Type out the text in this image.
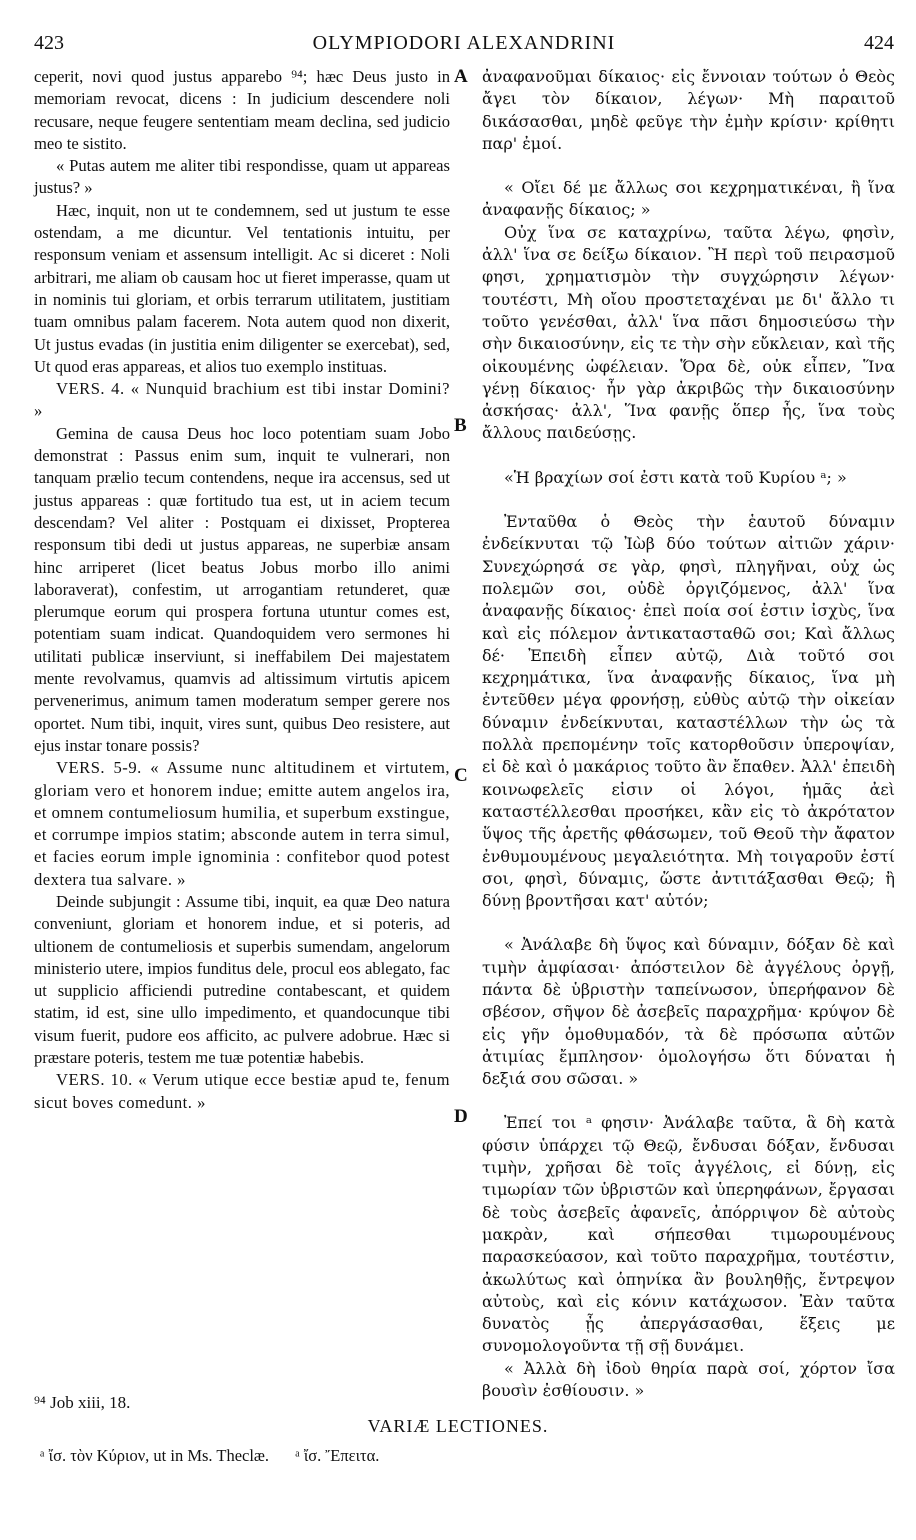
423	OLYMPIODORI ALEXANDRINI	424

ceperit, novi quod justus apparebo ⁹⁴; hæc Deus justo in memoriam revocat, dicens : In judicium descendere noli recusare, neque feugere sententiam meam declina, sed judicio meo te sistito.

« Putas autem me aliter tibi respondisse, quam ut appareas justus? »

Hæc, inquit, non ut te condemnem, sed ut justum te esse ostendam, a me dicuntur. Vel tentationis intuitu, per responsum veniam et assensum intelligit. Ac si diceret : Noli arbitrari, me aliam ob causam hoc ut fieret imperasse, quam ut in nominis tui gloriam, et orbis terrarum utilitatem, justitiam tuam omnibus palam facerem. Nota autem quod non dixerit, Ut justus evadas (in justitia enim diligenter se exercebat), sed, Ut quod eras appareas, et alios tuo exemplo instituas.

VERS. 4. « Nunquid brachium est tibi instar Domini? »

Gemina de causa Deus hoc loco potentiam suam Jobo demonstrat : Passus enim sum, inquit te vulnerari, non tanquam prælio tecum contendens, neque ira accensus, sed ut justus appareas : quæ fortitudo tua est, ut in aciem tecum descendam? Vel aliter : Postquam ei dixisset, Propterea responsum tibi dedi ut justus appareas, ne superbiæ ansam hinc arriperet (licet beatus Jobus morbo illo animi laboraverat), confestim, ut arrogantiam retunderet, quæ plerumque eorum qui prospera fortuna utuntur comes est, potentiam suam indicat. Quandoquidem vero sermones hi utilitati publicæ inserviunt, si ineffabilem Dei majestatem mente revolvamus, quamvis ad altissimum virtutis apicem pervenerimus, animum tamen moderatum semper gerere nos oportet. Num tibi, inquit, vires sunt, quibus Deo resistere, aut ejus instar tonare possis?

VERS. 5-9. « Assume nunc altitudinem et virtutem, gloriam vero et honorem indue; emitte autem angelos ira, et omnem contumeliosum humilia, et superbum exstingue, et corrumpe impios statim; absconde autem in terra simul, et facies eorum imple ignominia : confitebor quod potest dextera tua salvare. »

Deinde subjungit : Assume tibi, inquit, ea quæ Deo natura conveniunt, gloriam et honorem indue, et si poteris, ad ultionem de contumeliosis et superbis sumendam, angelorum ministerio utere, impios funditus dele, procul eos ablegato, fac ut supplicio afficiendi putredine contabescant, et quidem statim, id est, sine ullo impedimento, et quandocunque tibi visum fuerit, pudore eos afficito, ac pulvere adobrue. Hæc si præstare poteris, testem me tuæ potentiæ habebis.

VERS. 10. « Verum utique ecce bestiæ apud te, fenum sicut boves comedunt. »

A
B
C
D

ἀναφανοῦμαι δίκαιος· εἰς ἔννοιαν τούτων ὁ Θεὸς ἄγει τὸν δίκαιον, λέγων· Μὴ παραιτοῦ δικάσασθαι, μηδὲ φεῦγε τὴν ἐμὴν κρίσιν· κρίθητι παρ' ἐμοί.

« Οἴει δέ με ἄλλως σοι κεχρηματικέναι, ἢ ἵνα ἀναφανῇς δίκαιος; »

Οὐχ ἵνα σε καταχρίνω, ταῦτα λέγω, φησὶν, ἀλλ' ἵνα σε δείξω δίκαιον. Ἢ περὶ τοῦ πειρασμοῦ φησι, χρηματισμὸν τὴν συγχώρησιν λέγων· τουτέστι, Μὴ οἴου προστεταχέναι με δι' ἄλλο τι τοῦτο γενέσθαι, ἀλλ' ἵνα πᾶσι δημοσιεύσω τὴν σὴν δικαιοσύνην, εἰς τε τὴν σὴν εὔκλειαν, καὶ τῆς οἰκουμένης ὠφέλειαν. Ὅρα δὲ, οὐκ εἶπεν, Ἵνα γένῃ δίκαιος· ἦν γὰρ ἀκριβῶς τὴν δικαιοσύνην ἀσκήσας· ἀλλ', Ἵνα φανῇς ὅπερ ἦς, ἵνα τοὺς ἄλλους παιδεύσῃς.

«Ἡ βραχίων σοί ἐστι κατὰ τοῦ Κυρίου ᵃ; »

Ἐνταῦθα ὁ Θεὸς τὴν ἑαυτοῦ δύναμιν ἐνδείκνυται τῷ Ἰὼβ δύο τούτων αἰτιῶν χάριν· Συνεχώρησά σε γὰρ, φησὶ, πληγῆναι, οὐχ ὡς πολεμῶν σοι, οὐδὲ ὀργιζόμενος, ἀλλ' ἵνα ἀναφανῇς δίκαιος· ἐπεὶ ποία σοί ἐστιν ἰσχὺς, ἵνα καὶ εἰς πόλεμον ἀντικατασταθῶ σοι; Καὶ ἄλλως δέ· Ἐπειδὴ εἶπεν αὐτῷ, Διὰ τοῦτό σοι κεχρημάτικα, ἵνα ἀναφανῇς δίκαιος, ἵνα μὴ ἐντεῦθεν μέγα φρονήσῃ, εὐθὺς αὐτῷ τὴν οἰκείαν δύναμιν ἐνδείκνυται, καταστέλλων τὴν ὡς τὰ πολλὰ πρεπομένην τοῖς κατορθοῦσιν ὑπεροψίαν, εἰ δὲ καὶ ὁ μακάριος τοῦτο ἂν ἔπαθεν. Ἀλλ' ἐπειδὴ κοινωφελεῖς εἰσιν οἱ λόγοι, ἡμᾶς ἀεὶ καταστέλλεσθαι προσήκει, κἂν εἰς τὸ ἀκρότατον ὕψος τῆς ἀρετῆς φθάσωμεν, τοῦ Θεοῦ τὴν ἄφατον ἐνθυμουμένους μεγαλειότητα. Μὴ τοιγαροῦν ἐστί σοι, φησὶ, δύναμις, ὥστε ἀντιτάξασθαι Θεῷ; ἢ δύνῃ βροντῆσαι κατ' αὐτόν;

« Ἀνάλαβε δὴ ὕψος καὶ δύναμιν, δόξαν δὲ καὶ τιμὴν ἀμφίασαι· ἀπόστειλον δὲ ἀγγέλους ὀργῇ, πάντα δὲ ὑβριστὴν ταπείνωσον, ὑπερήφανον δὲ σβέσον, σῆψον δὲ ἀσεβεῖς παραχρῆμα· κρύψον δὲ εἰς γῆν ὁμοθυμαδόν, τὰ δὲ πρόσωπα αὐτῶν ἀτιμίας ἔμπλησον· ὁμολογήσω ὅτι δύναται ἡ δεξιά σου σῶσαι. »

Ἐπεί τοι ᵃ φησιν· Ἀνάλαβε ταῦτα, ἃ δὴ κατὰ φύσιν ὑπάρχει τῷ Θεῷ, ἔνδυσαι δόξαν, ἔνδυσαι τιμὴν, χρῆσαι δὲ τοῖς ἀγγέλοις, εἰ δύνῃ, εἰς τιμωρίαν τῶν ὑβριστῶν καὶ ὑπερηφάνων, ἔργασαι δὲ τοὺς ἀσεβεῖς ἀφανεῖς, ἀπόρριψον δὲ αὐτοὺς μακρὰν, καὶ σήπεσθαι τιμωρουμένους παρασκεύασον, καὶ τοῦτο παραχρῆμα, τουτέστιν, ἀκωλύτως καὶ ὁπηνίκα ἂν βουληθῇς, ἔντρεψον αὐτοὺς, καὶ εἰς κόνιν κατάχωσον. Ἐὰν ταῦτα δυνατὸς ᾖς ἀπεργάσασθαι, ἕξεις με συνομολογοῦντα τῇ σῇ δυνάμει.

« Ἀλλὰ δὴ ἰδοὺ θηρία παρὰ σοί, χόρτον ἴσα βουσὶν ἐσθίουσιν. »

⁹⁴ Job xiii, 18.
VARIÆ LECTIONES.
ᵃ ἴσ. τὸν Κύριον, ut in Ms. Theclæ. ᵃ ἴσ. Ἔπειτα.
